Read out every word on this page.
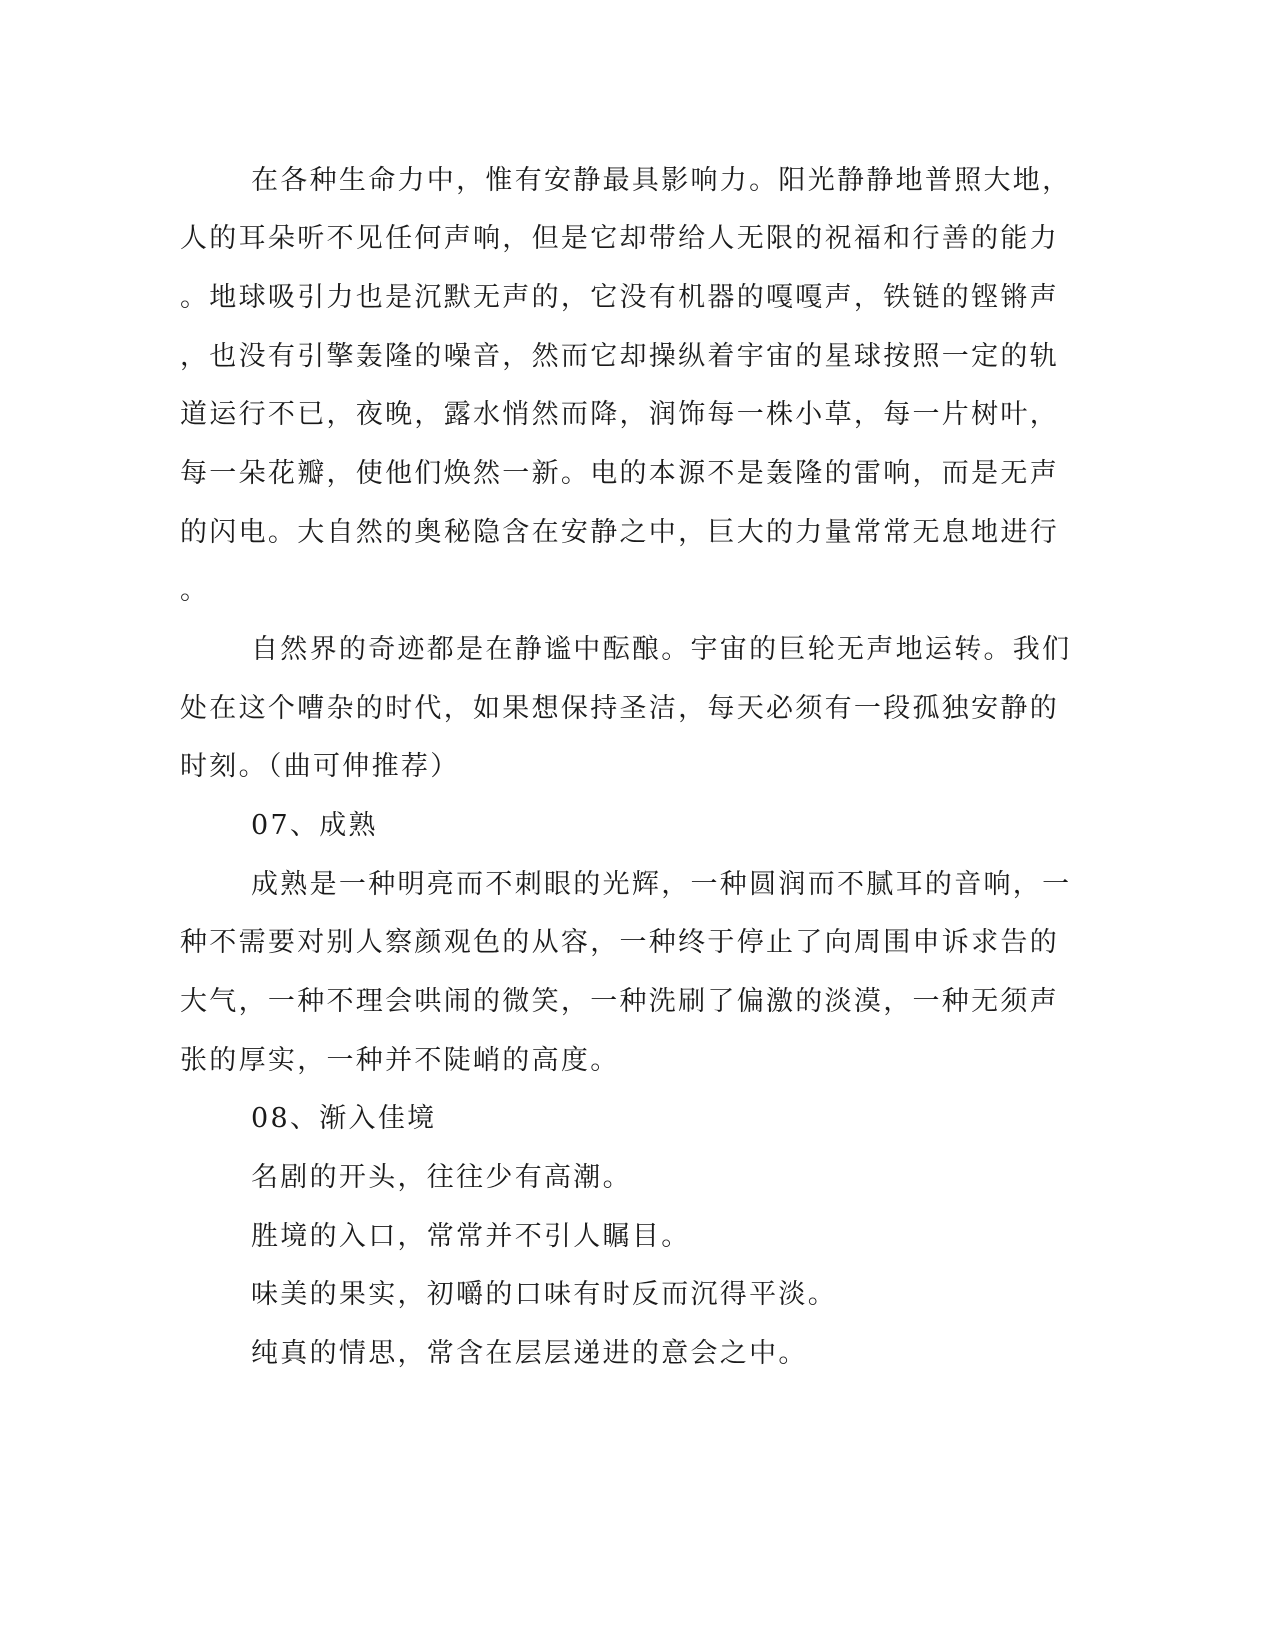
在各种生命力中，惟有安静最具影响力。阳光静静地普照大地，

人的耳朵听不见任何声响，但是它却带给人无限的祝福和行善的能力

。地球吸引力也是沉默无声的，它没有机器的嘎嘎声，铁链的铿锵声

，也没有引擎轰隆的噪音，然而它却操纵着宇宙的星球按照一定的轨

道运行不已，夜晚，露水悄然而降，润饰每一株小草，每一片树叶，

每一朵花瓣，使他们焕然一新。电的本源不是轰隆的雷响，而是无声

的闪电。大自然的奥秘隐含在安静之中，巨大的力量常常无息地进行

。

自然界的奇迹都是在静谧中酝酿。宇宙的巨轮无声地运转。我们

处在这个嘈杂的时代，如果想保持圣洁，每天必须有一段孤独安静的

时刻。（曲可伸推荐）

07、成熟

成熟是一种明亮而不刺眼的光辉，一种圆润而不腻耳的音响，一

种不需要对别人察颜观色的从容，一种终于停止了向周围申诉求告的

大气，一种不理会哄闹的微笑，一种洗刷了偏激的淡漠，一种无须声

张的厚实，一种并不陡峭的高度。

08、渐入佳境

名剧的开头，往往少有高潮。

胜境的入口，常常并不引人瞩目。

味美的果实，初嚼的口味有时反而沉得平淡。

纯真的情思，常含在层层递进的意会之中。
